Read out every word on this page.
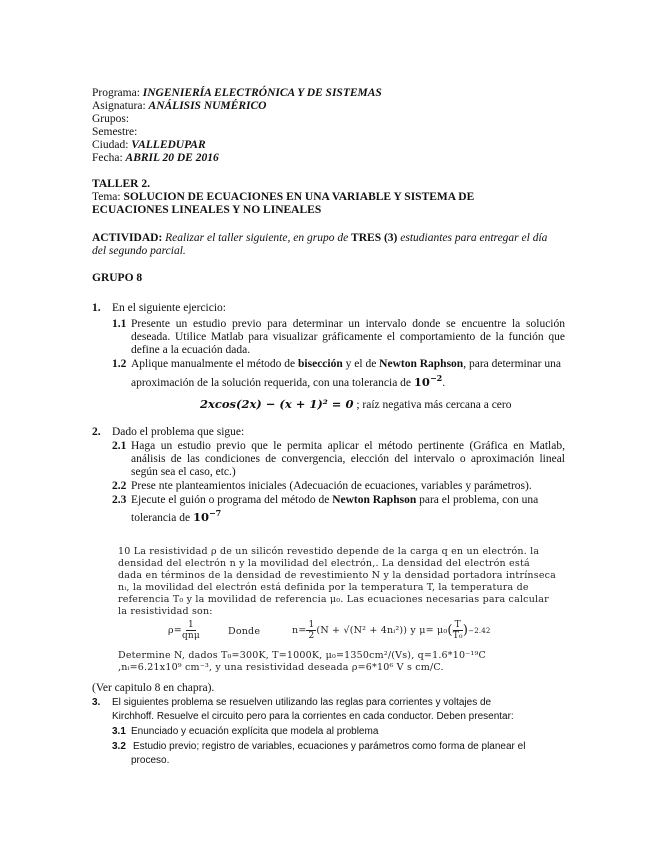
Programa: INGENIERÍA ELECTRÓNICA Y DE SISTEMAS
Asignatura: ANÁLISIS NUMÉRICO
Grupos:
Semestre:
Ciudad: VALLEDUPAR
Fecha: ABRIL 20 DE 2016
TALLER 2.
Tema: SOLUCION DE ECUACIONES EN UNA VARIABLE Y SISTEMA DE
ECUACIONES LINEALES Y NO LINEALES
ACTIVIDAD: Realizar el taller siguiente, en grupo de TRES (3) estudiantes para entregar el día
del segundo parcial.
GRUPO 8
1. En el siguiente ejercicio:
1.1 Presente un estudio previo para determinar un intervalo donde se encuentre la solución
deseada. Utilice Matlab para visualizar gráficamente el comportamiento de la función que
define a la ecuación dada.
1.2 Aplique manualmente el método de bisección y el de Newton Raphson, para determinar una
aproximación de la solución requerida, con una tolerancia de $10^{-2}$.
2xcos(2x) − (x + 1)² = 0 ; raíz negativa más cercana a cero
2. Dado el problema que sigue:
2.1 Haga un estudio previo que le permita aplicar el método pertinente (Gráfica en Matlab,
análisis de las condiciones de convergencia, elección del intervalo o aproximación lineal
según sea el caso, etc.)
2.2 Prese nte planteamientos iniciales (Adecuación de ecuaciones, variables y parámetros).
2.3 Ejecute el guión o programa del método de Newton Raphson para el problema, con una
tolerancia de $10^{-7}$
10 La resistividad ρ de un silicón revestido depende de la carga q en un electrón. la
densidad del electrón n y la movilidad del electrón,. La densidad del electrón está
dada en términos de la densidad de revestimiento N y la densidad portadora intrínseca
nᵢ, la movilidad del electrón está definida por la temperatura T, la temperatura de
referencia T₀ y la movilidad de referencia μ₀. Las ecuaciones necesarias para calcular
la resistividad son:
$\rho= \frac{1}{\text{qnμ}}$	Donde	$n= \frac{1}{2} (N + √(N^2$ + 4nᵢ²)) y μ= μ₀ ( $\frac{T}{\text{T₀}}$ ) −2.42
Determine N, dados T₀=300K, T=1000K, μ₀=1350cm²/(Vs), q=1.6*10⁻¹⁹C
,nᵢ=6.21x10⁹ cm⁻³, y una resistividad deseada ρ=6*10⁶ V s cm/C.
(Ver capitulo 8 en chapra).
3. El siguientes problema se resuelven utilizando las reglas para corrientes y voltajes de
Kirchhoff. Resuelve el circuito pero para la corrientes en cada conductor. Deben presentar:
3.1 Enunciado y ecuación explícita que modela al problema
3.2 Estudio previo; registro de variables, ecuaciones y parámetros como forma de planear el
proceso.
